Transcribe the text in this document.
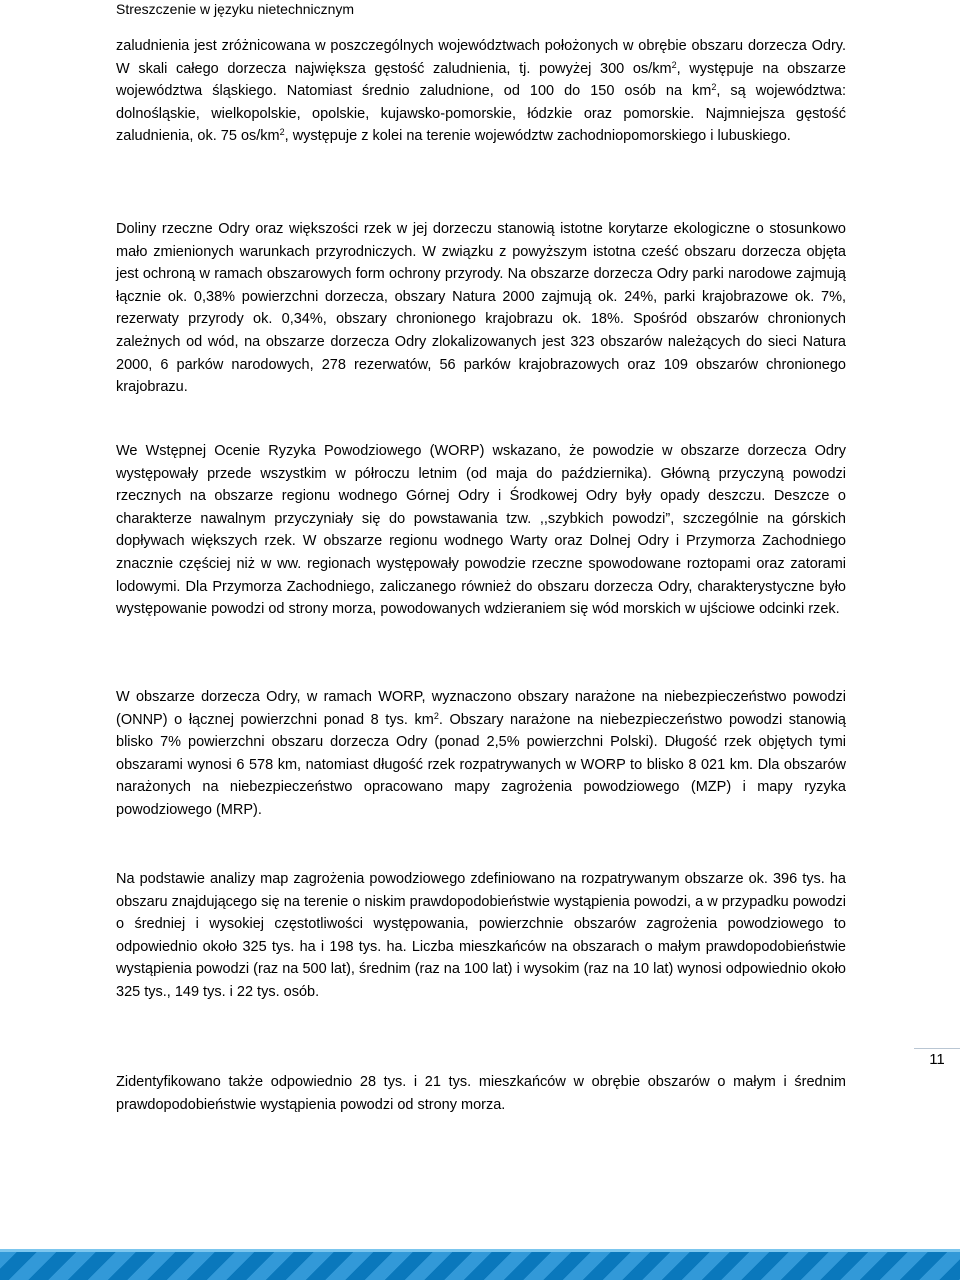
Streszczenie w języku nietechnicznym

zaludnienia jest zróżnicowana w poszczególnych województwach położonych w obrębie obszaru dorzecza Odry. W skali całego dorzecza największa gęstość zaludnienia, tj. powyżej 300 $os/km^2$, występuje na obszarze województwa śląskiego. Natomiast średnio zaludnione, od 100 do 150 osób na $km^2$, są województwa: dolnośląskie, wielkopolskie, opolskie, kujawsko-pomorskie, łódzkie oraz pomorskie. Najmniejsza gęstość zaludnienia, ok. 75 $os/km^2$, występuje z kolei na terenie województw zachodniopomorskiego i lubuskiego.

Doliny rzeczne Odry oraz większości rzek w jej dorzeczu stanowią istotne korytarze ekologiczne o stosunkowo mało zmienionych warunkach przyrodniczych. W związku z powyższym istotna cześć obszaru dorzecza objęta jest ochroną w ramach obszarowych form ochrony przyrody. Na obszarze dorzecza Odry parki narodowe zajmują łącznie ok. 0,38% powierzchni dorzecza, obszary Natura 2000 zajmują ok. 24%, parki krajobrazowe ok. 7%, rezerwaty przyrody ok. 0,34%, obszary chronionego krajobrazu ok. 18%. Spośród obszarów chronionych zależnych od wód, na obszarze dorzecza Odry zlokalizowanych jest 323 obszarów należących do sieci Natura 2000, 6 parków narodowych, 278 rezerwatów, 56 parków krajobrazowych oraz 109 obszarów chronionego krajobrazu.

We Wstępnej Ocenie Ryzyka Powodziowego (WORP) wskazano, że powodzie w obszarze dorzecza Odry występowały przede wszystkim w półroczu letnim (od maja do października). Główną przyczyną powodzi rzecznych na obszarze regionu wodnego Górnej Odry i Środkowej Odry były opady deszczu. Deszcze o charakterze nawalnym przyczyniały się do powstawania tzw. ,,szybkich powodzi”, szczególnie na górskich dopływach większych rzek. W obszarze regionu wodnego Warty oraz Dolnej Odry i Przymorza Zachodniego znacznie częściej niż w ww. regionach występowały powodzie rzeczne spowodowane roztopami oraz zatorami lodowymi. Dla Przymorza Zachodniego, zaliczanego również do obszaru dorzecza Odry, charakterystyczne było występowanie powodzi od strony morza, powodowanych wdzieraniem się wód morskich w ujściowe odcinki rzek.

W obszarze dorzecza Odry, w ramach WORP, wyznaczono obszary narażone na niebezpieczeństwo powodzi (ONNP) o łącznej powierzchni ponad 8 tys. $km^2$. Obszary narażone na niebezpieczeństwo powodzi stanowią blisko 7% powierzchni obszaru dorzecza Odry (ponad 2,5% powierzchni Polski). Długość rzek objętych tymi obszarami wynosi 6 578 km, natomiast długość rzek rozpatrywanych w WORP to blisko 8 021 km. Dla obszarów narażonych na niebezpieczeństwo opracowano mapy zagrożenia powodziowego (MZP) i mapy ryzyka powodziowego (MRP).

Na podstawie analizy map zagrożenia powodziowego zdefiniowano na rozpatrywanym obszarze ok. 396 tys. ha obszaru znajdującego się na terenie o niskim prawdopodobieństwie wystąpienia powodzi, a w przypadku powodzi o średniej i wysokiej częstotliwości występowania, powierzchnie obszarów zagrożenia powodziowego to odpowiednio około 325 tys. ha i 198 tys. ha. Liczba mieszkańców na obszarach o małym prawdopodobieństwie wystąpienia powodzi (raz na 500 lat), średnim (raz na 100 lat) i wysokim (raz na 10 lat) wynosi odpowiednio około 325 tys., 149 tys. i 22 tys. osób.

Zidentyfikowano także odpowiednio 28 tys. i 21 tys. mieszkańców w obrębie obszarów o małym i średnim prawdopodobieństwie wystąpienia powodzi od strony morza.

11
